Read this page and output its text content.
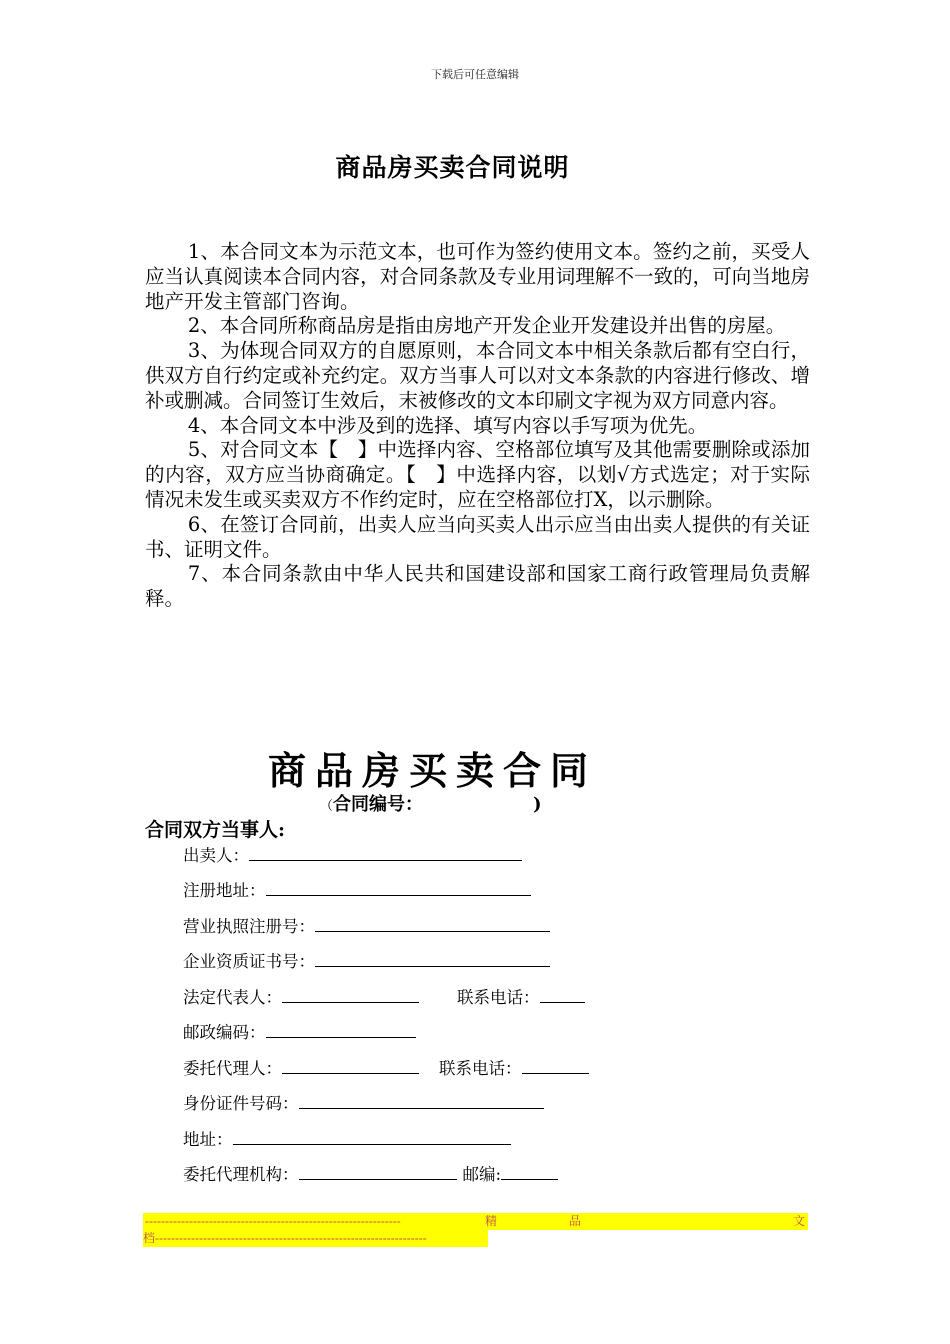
下载后可任意编辑
商品房买卖合同说明

1、本合同文本为示范文本，也可作为签约使用文本。签约之前，买受人应当认真阅读本合同内容，对合同条款及专业用词理解不一致的，可向当地房地产开发主管部门咨询。

2、本合同所称商品房是指由房地产开发企业开发建设并出售的房屋。

3、为体现合同双方的自愿原则，本合同文本中相关条款后都有空白行，供双方自行约定或补充约定。双方当事人可以对文本条款的内容进行修改、增补或删减。合同签订生效后，末被修改的文本印刷文字视为双方同意内容。

4、本合同文本中涉及到的选择、填写内容以手写项为优先。

5、对合同文本【　】中选择内容、空格部位填写及其他需要删除或添加的内容，双方应当协商确定。【　】中选择内容，以划√方式选定；对于实际情况未发生或买卖双方不作约定时，应在空格部位打X，以示删除。

6、在签订合同前，出卖人应当向买卖人出示应当由出卖人提供的有关证书、证明文件。

7、本合同条款由中华人民共和国建设部和国家工商行政管理局负责解释。

商品房买卖合同
（合同编号：	)
合同双方当事人:
出卖人：
注册地址：
营业执照注册号：
企业资质证书号：
法定代表人：	联系电话：
邮政编码：
委托代理人：	联系电话：
身份证件号码：
地址：
委托代理机构：	邮编:
----------------------------------------------------------------	精	品	文
档--------------------------------------------------------------------
